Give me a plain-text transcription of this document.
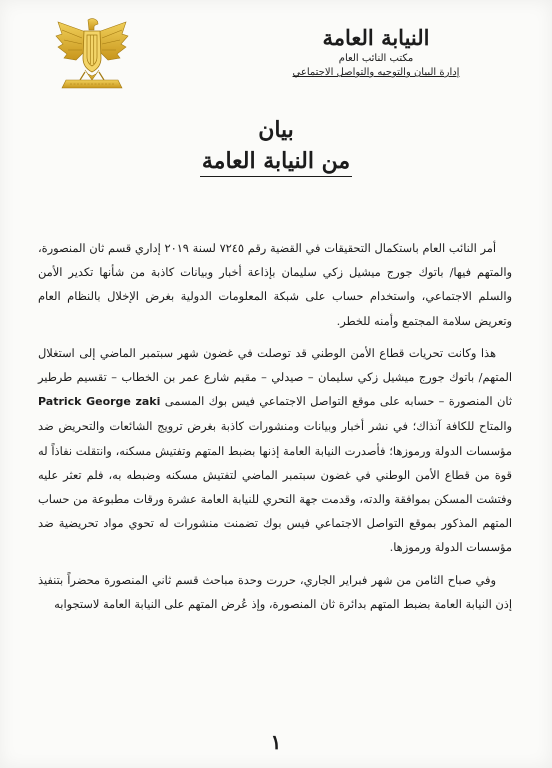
النيابة العامة
مكتب النائب العام
إدارة البيان والتوجيه والتواصل الاجتماعي
بيان
من النيابة العامة

أمر النائب العام باستكمال التحقيقات في القضية رقم ٧٢٤٥ لسنة ٢٠١٩ إداري قسم ثان المنصورة، والمتهم فيها/ باتوك جورج ميشيل زكي سليمان بإذاعة أخبار وبيانات كاذبة من شأنها تكدير الأمن والسلم الاجتماعي، واستخدام حساب على شبكة المعلومات الدولية بغرض الإخلال بالنظام العام وتعريض سلامة المجتمع وأمنه للخطر.

هذا وكانت تحريات قطاع الأمن الوطني قد توصلت في غضون شهر سبتمبر الماضي إلى استغلال المتهم/ باتوك جورج ميشيل زكي سليمان – صيدلي – مقيم شارع عمر بن الخطاب – تقسيم طرطير ثان المنصورة – حسابه على موقع التواصل الاجتماعي فيس بوك المسمى Patrick George zaki والمتاح للكافة آنذاك؛ في نشر أخبار وبيانات ومنشورات كاذبة بغرض ترويج الشائعات والتحريض ضد مؤسسات الدولة ورموزها؛ فأصدرت النيابة العامة إذنها بضبط المتهم وتفتيش مسكنه، وانتقلت نفاذاً له قوة من قطاع الأمن الوطني في غضون سبتمبر الماضي لتفتيش مسكنه وضبطه به، فلم تعثر عليه وفتشت المسكن بموافقة والدته، وقدمت جهة التحري للنيابة العامة عشرة ورقات مطبوعة من حساب المتهم المذكور بموقع التواصل الاجتماعي فيس بوك تضمنت منشورات له تحوي مواد تحريضية ضد مؤسسات الدولة ورموزها.

وفي صباح الثامن من شهر فبراير الجاري، حررت وحدة مباحث قسم ثاني المنصورة محضراً بتنفيذ إذن النيابة العامة بضبط المتهم بدائرة ثان المنصورة، وإذ عُرض المتهم على النيابة العامة لاستجوابه

١
